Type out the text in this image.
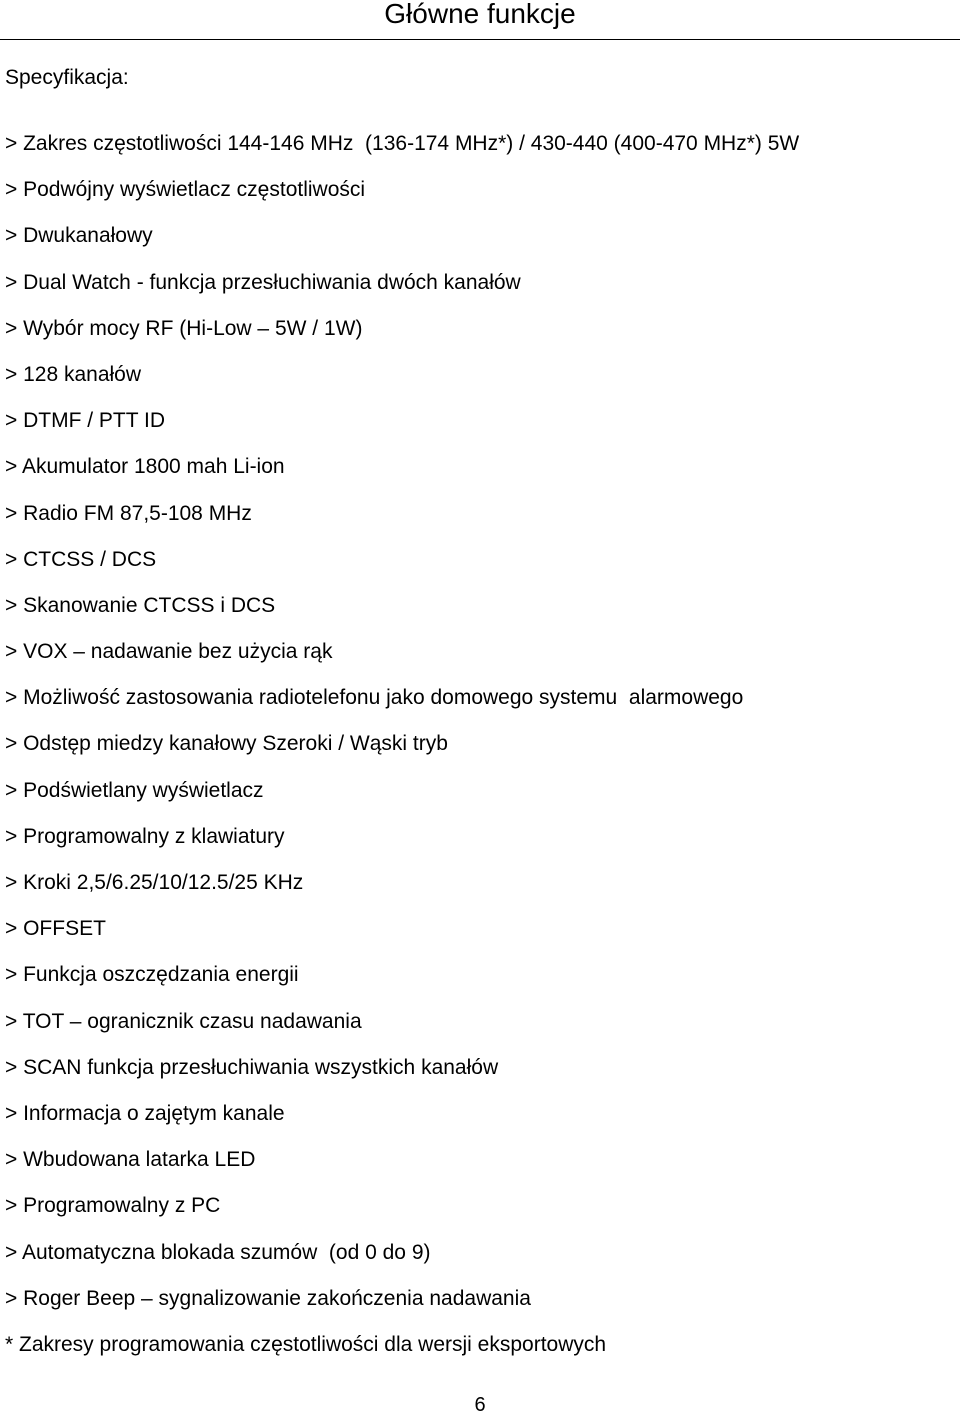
Główne funkcje
Specyfikacja:
> Zakres częstotliwości 144-146 MHz  (136-174 MHz*) / 430-440 (400-470 MHz*) 5W
> Podwójny wyświetlacz częstotliwości
> Dwukanałowy
> Dual Watch - funkcja przesłuchiwania dwóch kanałów
> Wybór mocy RF (Hi-Low – 5W / 1W)
> 128 kanałów
> DTMF / PTT ID
> Akumulator 1800 mah Li-ion
> Radio FM 87,5-108 MHz
> CTCSS / DCS
> Skanowanie CTCSS i DCS
> VOX – nadawanie bez użycia rąk
> Możliwość zastosowania radiotelefonu jako domowego systemu  alarmowego
> Odstęp miedzy kanałowy Szeroki / Wąski tryb
> Podświetlany wyświetlacz
> Programowalny z klawiatury
> Kroki 2,5/6.25/10/12.5/25 KHz
> OFFSET
> Funkcja oszczędzania energii
> TOT – ogranicznik czasu nadawania
> SCAN funkcja przesłuchiwania wszystkich kanałów
> Informacja o zajętym kanale
> Wbudowana latarka LED
> Programowalny z PC
> Automatyczna blokada szumów  (od 0 do 9)
> Roger Beep – sygnalizowanie zakończenia nadawania
* Zakresy programowania częstotliwości dla wersji eksportowych
6
